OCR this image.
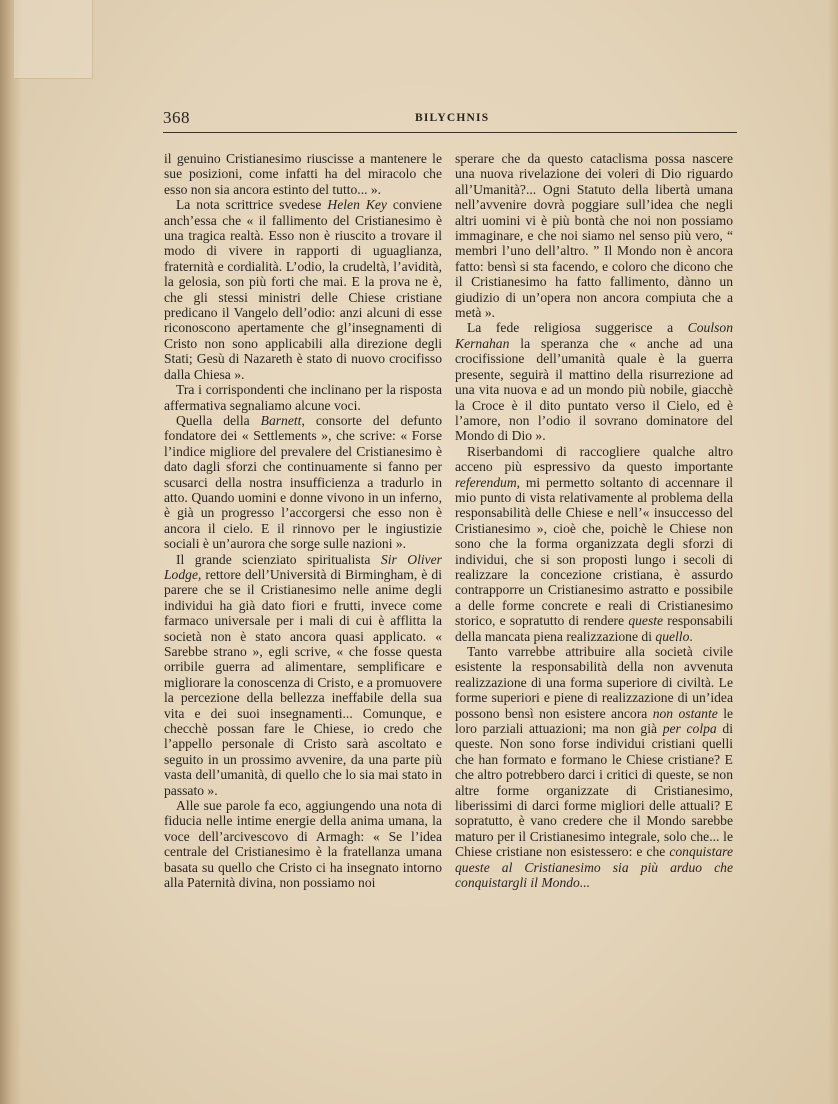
368	BILYCHNIS

il genuino Cristianesimo riuscisse a mantenere le sue posizioni, come infatti ha del miracolo che esso non sia ancora estinto del tutto... ».

La nota scrittrice svedese Helen Key conviene anch’essa che « il fallimento del Cristianesimo è una tragica realtà. Esso non è riuscito a trovare il modo di vivere in rapporti di uguaglianza, fraternità e cordialità. L’odio, la crudeltà, l’avidità, la gelosia, son più forti che mai. E la prova ne è, che gli stessi ministri delle Chiese cristiane predicano il Vangelo dell’odio: anzi alcuni di esse riconoscono apertamente che gl’insegnamenti di Cristo non sono applicabili alla direzione degli Stati; Gesù di Nazareth è stato di nuovo crocifisso dalla Chiesa ».

Tra i corrispondenti che inclinano per la risposta affermativa segnaliamo alcune voci.

Quella della Barnett, consorte del defunto fondatore dei « Settlements », che scrive: « Forse l’indice migliore del prevalere del Cristianesimo è dato dagli sforzi che continuamente si fanno per scusarci della nostra insufficienza a tradurlo in atto. Quando uomini e donne vivono in un inferno, è già un progresso l’accorgersi che esso non è ancora il cielo. E il rinnovo per le ingiustizie sociali è un’aurora che sorge sulle nazioni ».

Il grande scienziato spiritualista Sir Oliver Lodge, rettore dell’Università di Birmingham, è di parere che se il Cristianesimo nelle anime degli individui ha già dato fiori e frutti, invece come farmaco universale per i mali di cui è afflitta la società non è stato ancora quasi applicato. « Sarebbe strano », egli scrive, « che fosse questa orribile guerra ad alimentare, semplificare e migliorare la conoscenza di Cristo, e a promuovere la percezione della bellezza ineffabile della sua vita e dei suoi insegnamenti... Comunque, e checchè possan fare le Chiese, io credo che l’appello personale di Cristo sarà ascoltato e seguito in un prossimo avvenire, da una parte più vasta dell’umanità, di quello che lo sia mai stato in passato ».

Alle sue parole fa eco, aggiungendo una nota di fiducia nelle intime energie della anima umana, la voce dell’arcivescovo di Armagh: « Se l’idea centrale del Cristianesimo è la fratellanza umana basata su quello che Cristo ci ha insegnato intorno alla Paternità divina, non possiamo noi

sperare che da questo cataclisma possa nascere una nuova rivelazione dei voleri di Dio riguardo all’Umanità?... Ogni Statuto della libertà umana nell’avvenire dovrà poggiare sull’idea che negli altri uomini vi è più bontà che noi non possiamo immaginare, e che noi siamo nel senso più vero, “ membri l’uno dell’altro. ” Il Mondo non è ancora fatto: bensì si sta facendo, e coloro che dicono che il Cristianesimo ha fatto fallimento, dànno un giudizio di un’opera non ancora compiuta che a metà ».

La fede religiosa suggerisce a Coulson Kernahan la speranza che « anche ad una crocifissione dell’umanità quale è la guerra presente, seguirà il mattino della risurrezione ad una vita nuova e ad un mondo più nobile, giacchè la Croce è il dito puntato verso il Cielo, ed è l’amore, non l’odio il sovrano dominatore del Mondo di Dio ».

Riserbandomi di raccogliere qualche altro acceno più espressivo da questo importante referendum, mi permetto soltanto di accennare il mio punto di vista relativamente al problema della responsabilità delle Chiese e nell’« insuccesso del Cristianesimo », cioè che, poichè le Chiese non sono che la forma organizzata degli sforzi di individui, che si son proposti lungo i secoli di realizzare la concezione cristiana, è assurdo contrapporre un Cristianesimo astratto e possibile a delle forme concrete e reali di Cristianesimo storico, e sopratutto di rendere queste responsabili della mancata piena realizzazione di quello.

Tanto varrebbe attribuire alla società civile esistente la responsabilità della non avvenuta realizzazione di una forma superiore di civiltà. Le forme superiori e piene di realizzazione di un’idea possono bensì non esistere ancora non ostante le loro parziali attuazioni; ma non già per colpa di queste. Non sono forse individui cristiani quelli che han formato e formano le Chiese cristiane? E che altro potrebbero darci i critici di queste, se non altre forme organizzate di Cristianesimo, liberissimi di darci forme migliori delle attuali? E sopratutto, è vano credere che il Mondo sarebbe maturo per il Cristianesimo integrale, solo che... le Chiese cristiane non esistessero: e che conquistare queste al Cristianesimo sia più arduo che conquistargli il Mondo...
